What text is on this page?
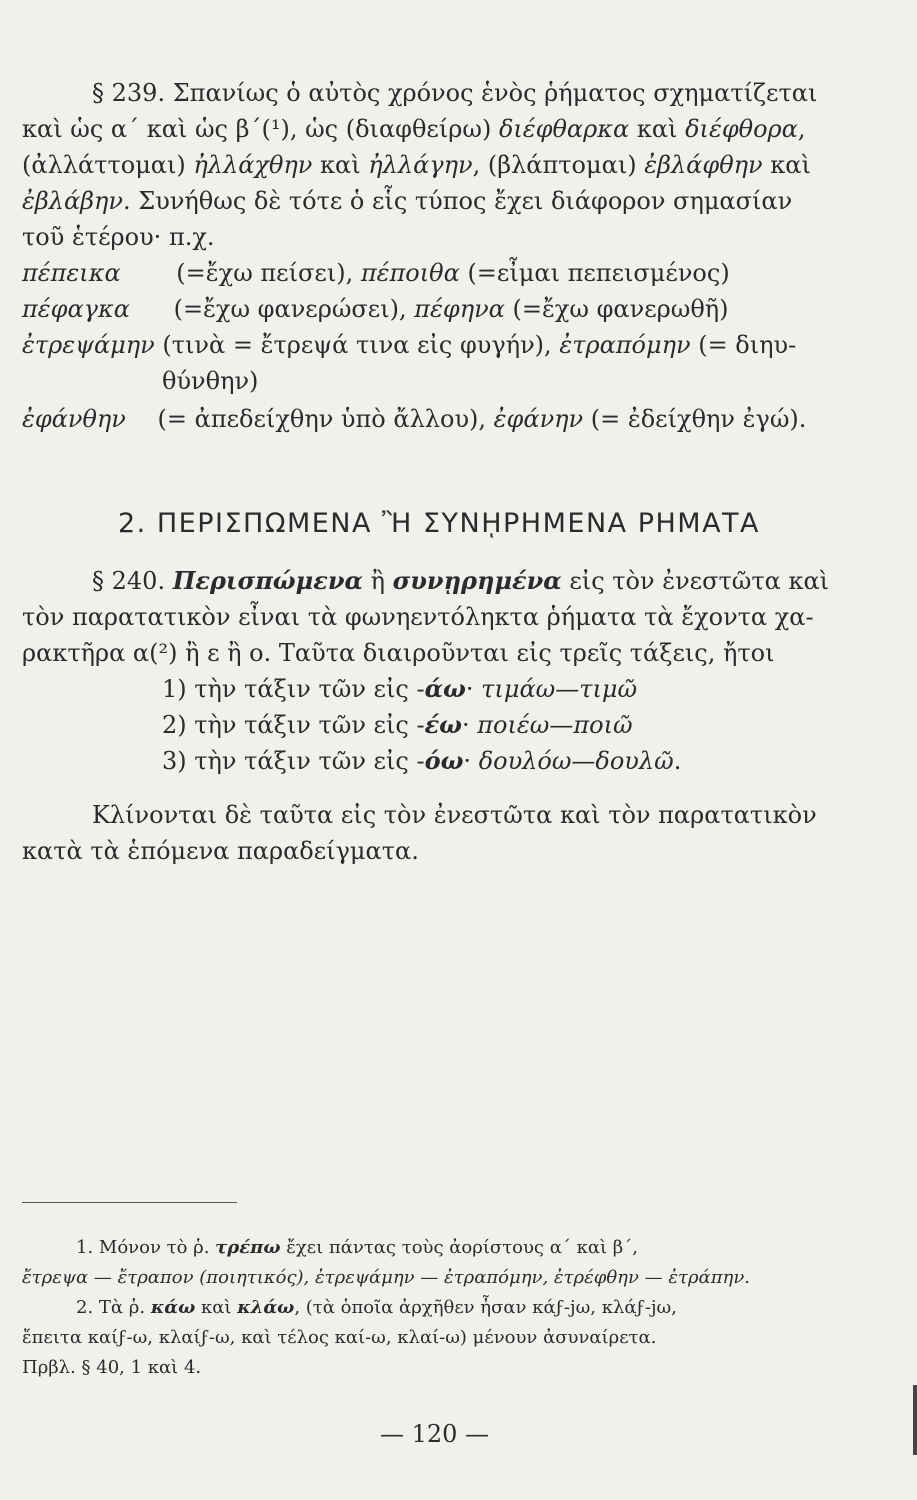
§ 239. Σπανίως ὁ αὐτὸς χρόνος ἑνὸς ῥήματος σχηματίζεται
καὶ ὡς α΄ καὶ ὡς β΄(¹), ὡς (διαφθείρω) διέφθαρκα καὶ διέφθορα,
(ἀλλάττομαι) ἠλλάχθην καὶ ἠλλάγην, (βλάπτομαι) ἐβλάφθην καὶ
ἐβλάβην. Συνήθως δὲ τότε ὁ εἷς τύπος ἔχει διάφορον σημασίαν
τοῦ ἑτέρου· π.χ.
πέπεικα (=ἔχω πείσει), πέποιθα (=εἶμαι πεπεισμένος)
πέφαγκα (=ἔχω φανερώσει), πέφηνα (=ἔχω φανερωθῆ)
ἐτρεψάμην (τινὰ = ἔτρεψά τινα εἰς φυγήν), ἐτραπόμην (= διηυ-
θύνθην)
ἐφάνθην (= ἀπεδείχθην ὑπὸ ἄλλου), ἐφάνην (= ἐδείχθην ἐγώ).
2. ΠΕΡΙΣΠΩΜΕΝΑ Ἢ ΣΥΝῌΡΗΜΕΝΑ ΡΗΜΑΤΑ
§ 240. Περισπώμενα ἢ συνῃρημένα εἰς τὸν ἐνεστῶτα καὶ
τὸν παρατατικὸν εἶναι τὰ φωνηεντόληκτα ῥήματα τὰ ἔχοντα χα-
ρακτῆρα α(²) ἢ ε ἢ ο. Ταῦτα διαιροῦνται εἰς τρεῖς τάξεις, ἤτοι
1) τὴν τάξιν τῶν εἰς -άω· τιμάω—τιμῶ
2) τὴν τάξιν τῶν εἰς -έω· ποιέω—ποιῶ
3) τὴν τάξιν τῶν εἰς -όω· δουλόω—δουλῶ.
Κλίνονται δὲ ταῦτα εἰς τὸν ἐνεστῶτα καὶ τὸν παρατατικὸν
κατὰ τὰ ἑπόμενα παραδείγματα.
1. Μόνον τὸ ῥ. τρέπω ἔχει πάντας τοὺς ἀορίστους α΄ καὶ β΄,
ἔτρεψα — ἔτραπον (ποιητικός), ἐτρεψάμην — ἐτραπόμην, ἐτρέφθην — ἐτράπην.
2. Τὰ ῥ. κάω καὶ κλάω, (τὰ ὁποῖα ἀρχῆθεν ἦσαν κάϝ-jω, κλάϝ-jω,
ἔπειτα καίϝ-ω, κλαίϝ-ω, καὶ τέλος καί-ω, κλαί-ω) μένουν ἀσυναίρετα.
Πρβλ. § 40, 1 καὶ 4.
— 120 —
